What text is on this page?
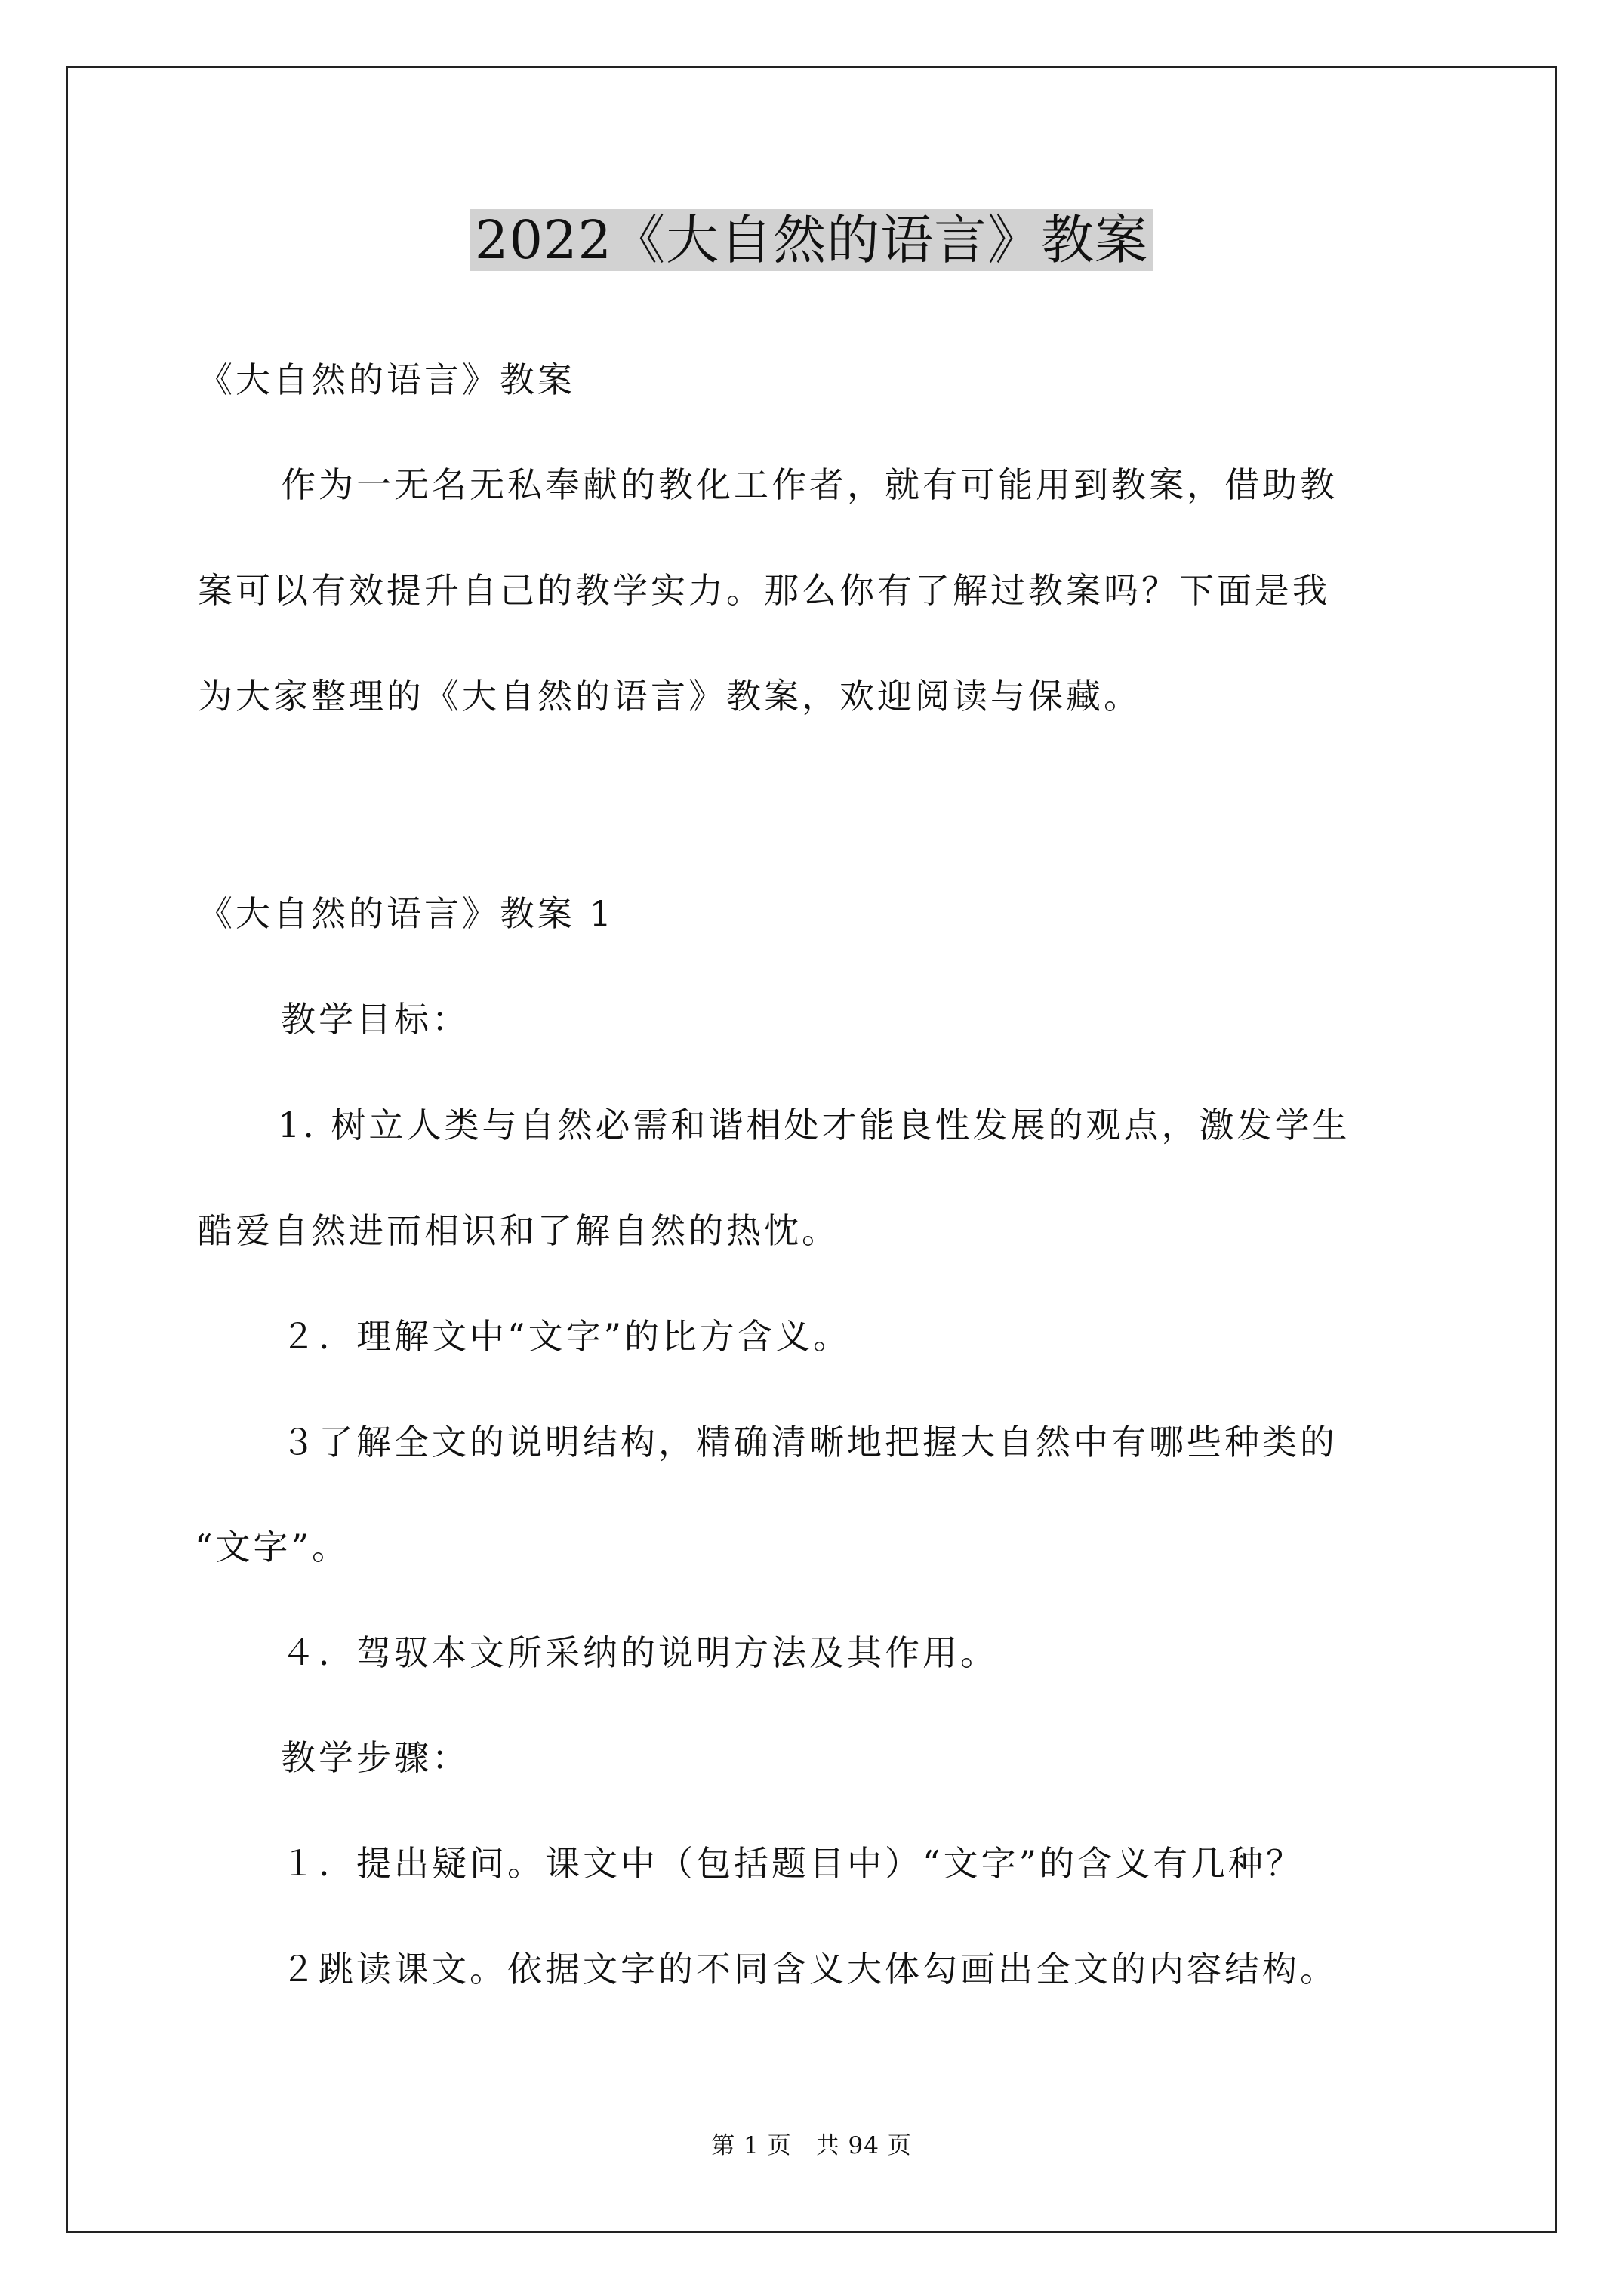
2022《大自然的语言》教案
《大自然的语言》教案
作为一无名无私奉献的教化工作者，就有可能用到教案，借助教
案可以有效提升自己的教学实力。那么你有了解过教案吗？下面是我
为大家整理的《大自然的语言》教案，欢迎阅读与保藏。
《大自然的语言》教案 1
教学目标：
1. 树立人类与自然必需和谐相处才能良性发展的观点，激发学生
酷爱自然进而相识和了解自然的热忱。
２．理解文中“文字”的比方含义。
３了解全文的说明结构，精确清晰地把握大自然中有哪些种类的
“文字”。
４．驾驭本文所采纳的说明方法及其作用。
教学步骤：
１．提出疑问。课文中（包括题目中）“文字”的含义有几种？
２跳读课文。依据文字的不同含义大体勾画出全文的内容结构。
第 1 页　共 94 页
